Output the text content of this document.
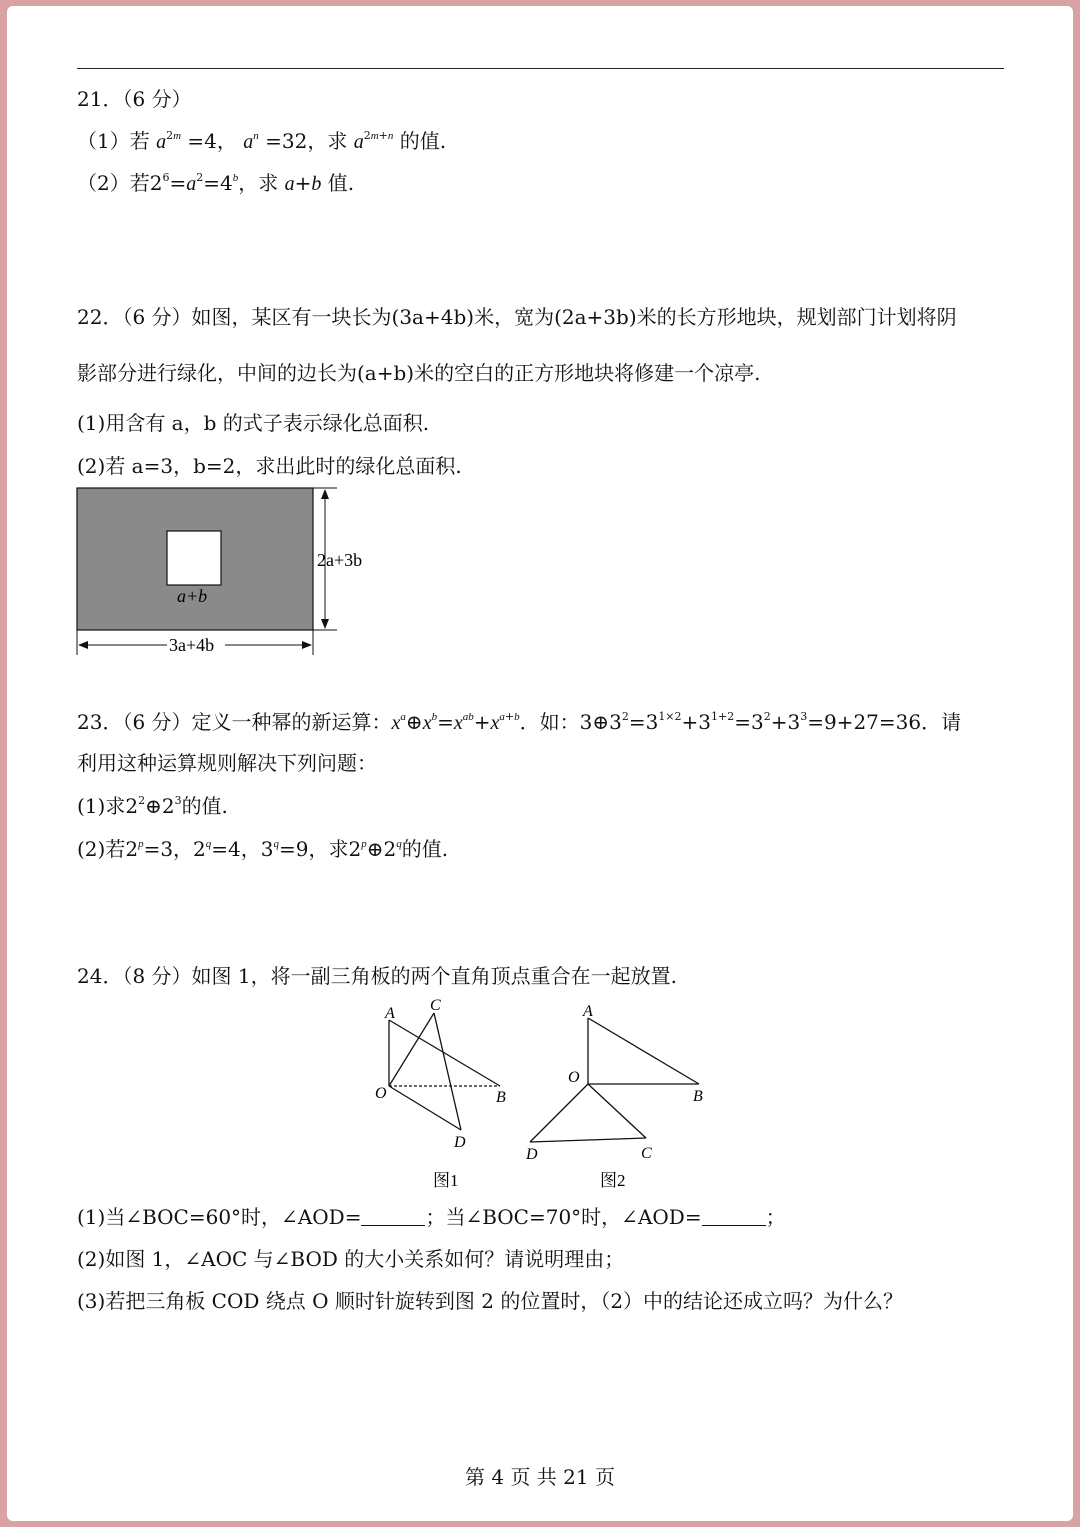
21．（6 分）
（1）若 $a^{2m} =4$， $a^n =32$，求 $a^{2m+n}$ 的值.
（2）若$2^6=a^2=4^b$，求 a+b 值.
22．（6 分）如图，某区有一块长为(3a+4b)米，宽为(2a+3b)米的长方形地块，规划部门计划将阴
影部分进行绿化，中间的边长为(a+b)米的空白的正方形地块将修建一个凉亭.
(1)用含有 a，b 的式子表示绿化总面积.
(2)若 a=3，b=2，求出此时的绿化总面积.
a+b
2a+3b
3a+4b
23．（6 分）定义一种幂的新运算：$x^a\oplus x^b=x^{ab}+x^{a+b}$．如：$3\oplus 3^2=3^{1\times 2}+3^{1+2}=3^2+3^3=9+27=36$．请
利用这种运算规则解决下列问题：
(1)求$2^2\oplus 2^3$的值.
(2)若$2^p=3$，$2^q=4$，$3^q=9$，求2$^p$⊕2$^q$的值.
24．（8 分）如图 1，将一副三角板的两个直角顶点重合在一起放置.
A C
O	B
D
图1
A
O
B
D	C
图2
(1)当∠BOC=60°时，∠AOD=	；当∠BOC=70°时，∠AOD=	；
(2)如图 1，∠AOC 与∠BOD 的大小关系如何？请说明理由；
(3)若把三角板 COD 绕点 O 顺时针旋转到图 2 的位置时，（2）中的结论还成立吗？为什么？
第 4 页 共 21 页
